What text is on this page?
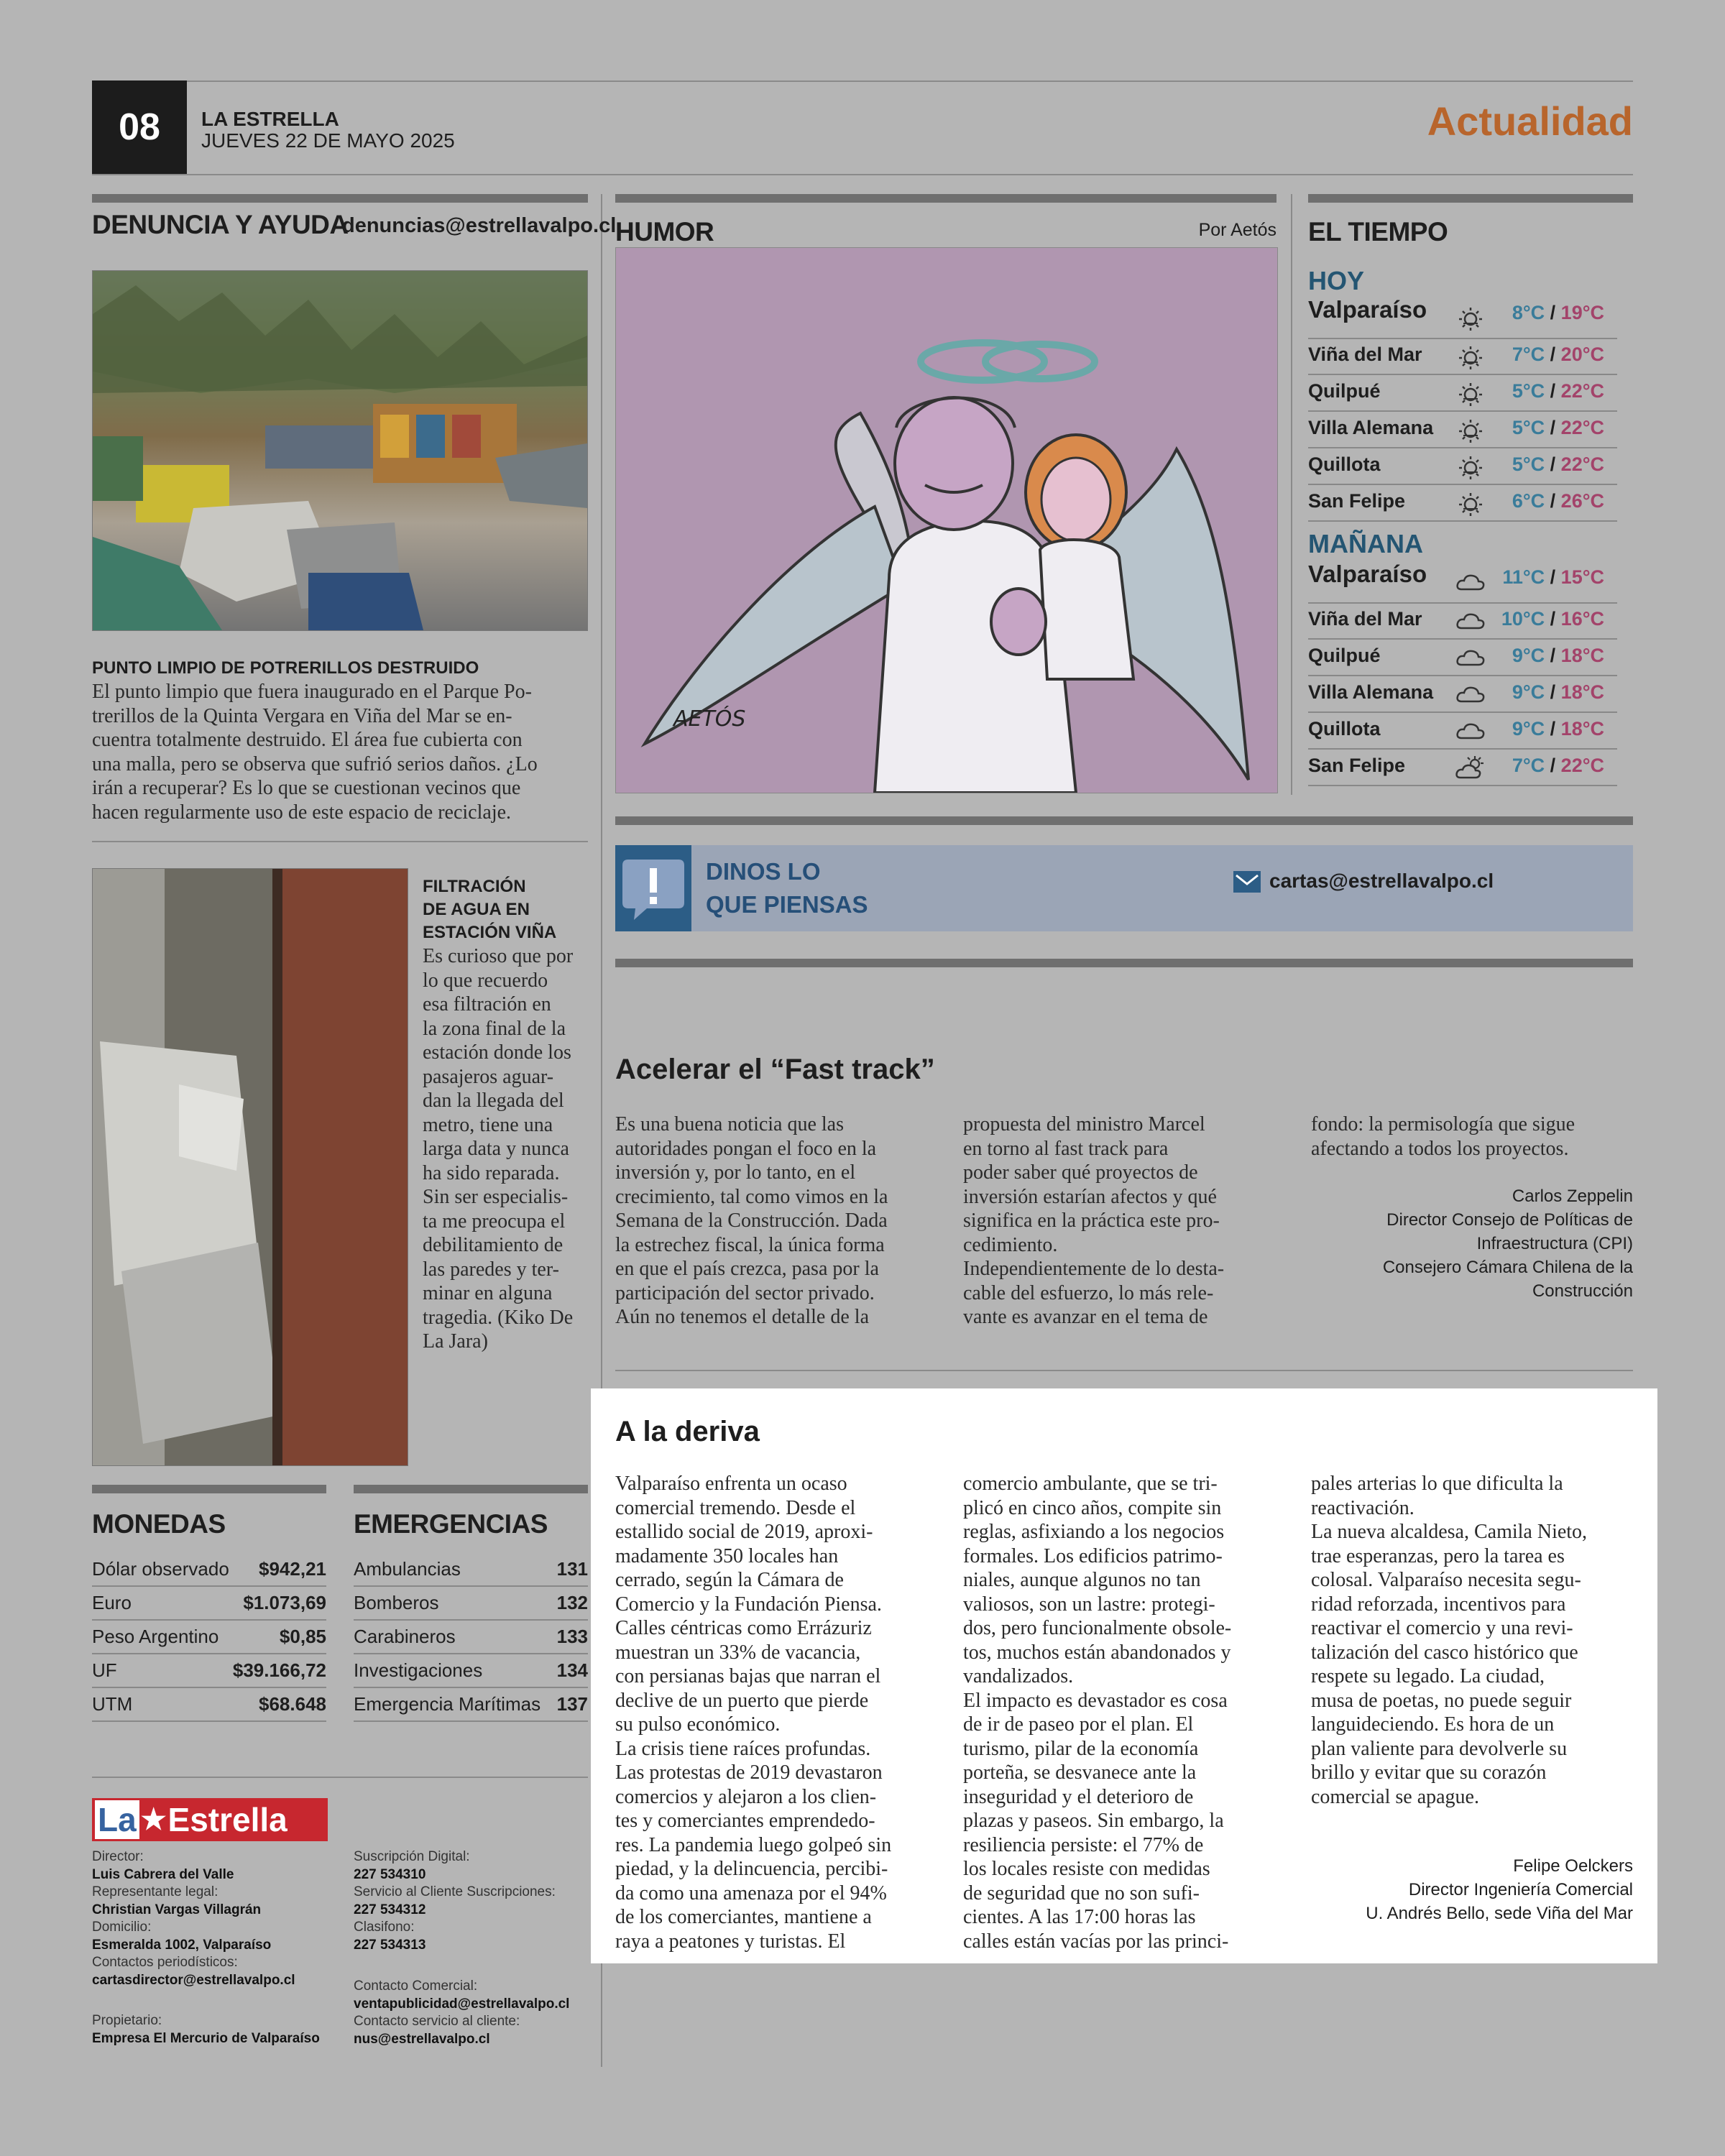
08	LA ESTRELLA
JUEVES 22 DE MAYO 2025	Actualidad
DENUNCIA Y AYUDA
denuncias@estrellavalpo.cl
PUNTO LIMPIO DE POTRERILLOS DESTRUIDO
El punto limpio que fuera inaugurado en el Parque Po-
trerillos de la Quinta Vergara en Viña del Mar se en-
cuentra totalmente destruido. El área fue cubierta con
una malla, pero se observa que sufrió serios daños. ¿Lo
irán a recuperar? Es lo que se cuestionan vecinos que
hacen regularmente uso de este espacio de reciclaje.
FILTRACIÓN
DE AGUA EN
ESTACIÓN VIÑA
Es curioso que por
lo que recuerdo
esa filtración en
la zona final de la
estación donde los
pasajeros aguar-
dan la llegada del
metro, tiene una
larga data y nunca
ha sido reparada.
Sin ser especialis-
ta me preocupa el
debilitamiento de
las paredes y ter-
minar en alguna
tragedia. (Kiko De
La Jara)
HUMOR	Por Aetós
AETÓS
EL TIEMPO
HOY
MAÑANA
Valparaíso	8°C / 19°C
Viña del Mar	7°C / 20°C
Quilpué	5°C / 22°C
Villa Alemana	5°C / 22°C
Quillota	5°C / 22°C
San Felipe	6°C / 26°C
Valparaíso	11°C / 15°C
Viña del Mar	10°C / 16°C
Quilpué	9°C / 18°C
Villa Alemana	9°C / 18°C
Quillota	9°C / 18°C
San Felipe	7°C / 22°C
DINOS LO
QUE PIENSAS
cartas@estrellavalpo.cl
Acelerar el “Fast track”
Es una buena noticia que las
autoridades pongan el foco en la
inversión y, por lo tanto, en el
crecimiento, tal como vimos en la
Semana de la Construcción. Dada
la estrechez fiscal, la única forma
en que el país crezca, pasa por la
participación del sector privado.
Aún no tenemos el detalle de la
propuesta del ministro Marcel
en torno al fast track para
poder saber qué proyectos de
inversión estarían afectos y qué
significa en la práctica este pro-
cedimiento.
Independientemente de lo desta-
cable del esfuerzo, lo más rele-
vante es avanzar en el tema de
fondo: la permisología que sigue
afectando a todos los proyectos.
Carlos Zeppelin
Director Consejo de Políticas de
Infraestructura (CPI)
Consejero Cámara Chilena de la
Construcción
A la deriva
Valparaíso enfrenta un ocaso
comercial tremendo. Desde el
estallido social de 2019, aproxi-
madamente 350 locales han
cerrado, según la Cámara de
Comercio y la Fundación Piensa.
Calles céntricas como Errázuriz
muestran un 33% de vacancia,
con persianas bajas que narran el
declive de un puerto que pierde
su pulso económico.
La crisis tiene raíces profundas.
Las protestas de 2019 devastaron
comercios y alejaron a los clien-
tes y comerciantes emprendedo-
res. La pandemia luego golpeó sin
piedad, y la delincuencia, percibi-
da como una amenaza por el 94%
de los comerciantes, mantiene a
raya a peatones y turistas. El
comercio ambulante, que se tri-
plicó en cinco años, compite sin
reglas, asfixiando a los negocios
formales. Los edificios patrimo-
niales, aunque algunos no tan
valiosos, son un lastre: protegi-
dos, pero funcionalmente obsole-
tos, muchos están abandonados y
vandalizados.
El impacto es devastador es cosa
de ir de paseo por el plan. El
turismo, pilar de la economía
porteña, se desvanece ante la
inseguridad y el deterioro de
plazas y paseos. Sin embargo, la
resiliencia persiste: el 77% de
los locales resiste con medidas
de seguridad que no son sufi-
cientes. A las 17:00 horas las
calles están vacías por las princi-
pales arterias lo que dificulta la
reactivación.
La nueva alcaldesa, Camila Nieto,
trae esperanzas, pero la tarea es
colosal. Valparaíso necesita segu-
ridad reforzada, incentivos para
reactivar el comercio y una revi-
talización del casco histórico que
respete su legado. La ciudad,
musa de poetas, no puede seguir
languideciendo. Es hora de un
plan valiente para devolverle su
brillo y evitar que su corazón
comercial se apague.
Felipe Oelckers
Director Ingeniería Comercial
U. Andrés Bello, sede Viña del Mar
MONEDAS
Dólar observado $942,21
Euro	$1.073,69
Peso Argentino	$0,85
UF	$39.166,72
UTM	$68.648
EMERGENCIAS
Ambulancias	131
Bomberos	132
Carabineros	133
Investigaciones	134
Emergencia Marítimas 137
La ★ Estrella
Director:
Luis Cabrera del Valle
Representante legal:
Christian Vargas Villagrán
Domicilio:
Esmeralda 1002, Valparaíso
Contactos periodísticos:
cartasdirector@estrellavalpo.cl
Propietario:
Empresa El Mercurio de Valparaíso
Suscripción Digital:
227 534310
Servicio al Cliente Suscripciones:
227 534312
Clasifono:
227 534313
Contacto Comercial:
ventapublicidad@estrellavalpo.cl
Contacto servicio al cliente:
nus@estrellavalpo.cl
